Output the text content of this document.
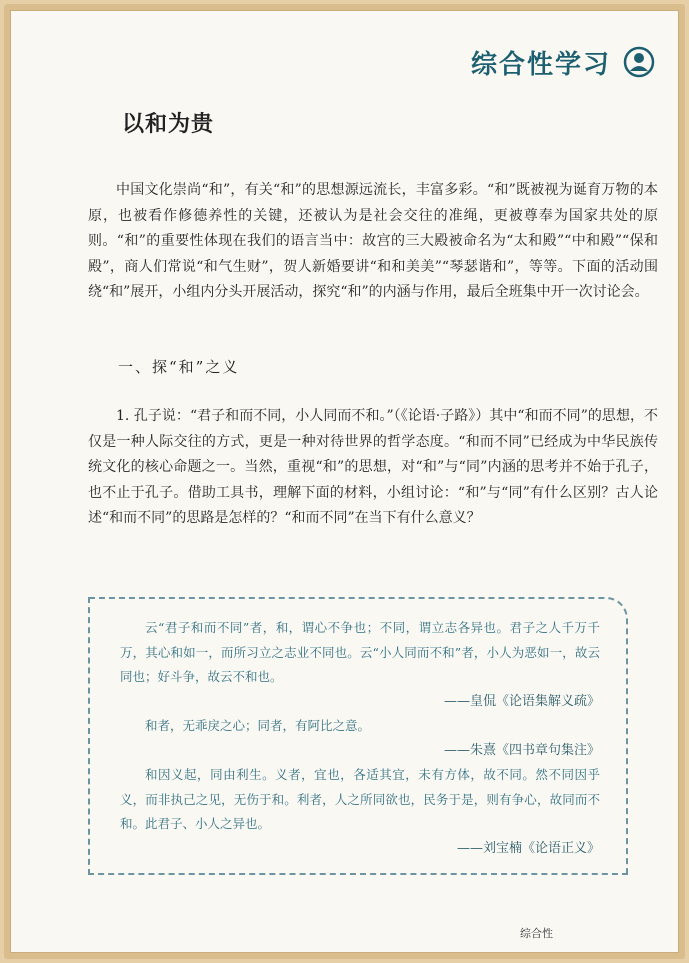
综合性学习
以和为贵

中国文化崇尚“和”，有关“和”的思想源远流长，丰富多彩。“和”既被视为诞育万物的本原，也被看作修德养性的关键，还被认为是社会交往的准绳，更被尊奉为国家共处的原则。“和”的重要性体现在我们的语言当中：故宫的三大殿被命名为“太和殿”“中和殿”“保和殿”，商人们常说“和气生财”，贺人新婚要讲“和和美美”“琴瑟谐和”，等等。下面的活动围绕“和”展开，小组内分头开展活动，探究“和”的内涵与作用，最后全班集中开一次讨论会。

一、探“和”之义

1. 孔子说：“君子和而不同，小人同而不和。”（《论语·子路》）其中“和而不同”的思想，不仅是一种人际交往的方式，更是一种对待世界的哲学态度。“和而不同”已经成为中华民族传统文化的核心命题之一。当然，重视“和”的思想，对“和”与“同”内涵的思考并不始于孔子，也不止于孔子。借助工具书，理解下面的材料，小组讨论：“和”与“同”有什么区别？古人论述“和而不同”的思路是怎样的？“和而不同”在当下有什么意义？

云“君子和而不同”者，和，谓心不争也；不同，谓立志各异也。君子之人千万千万，其心和如一，而所习立之志业不同也。云“小人同而不和”者，小人为恶如一，故云同也；好斗争，故云不和也。

——皇侃《论语集解义疏》

和者，无乖戾之心；同者，有阿比之意。

——朱熹《四书章句集注》

和因义起，同由利生。义者，宜也，各适其宜，未有方体，故不同。然不同因乎义，而非执己之见，无伤于和。利者，人之所同欲也，民务于是，则有争心，故同而不和。此君子、小人之异也。

——刘宝楠《论语正义》

综合性
